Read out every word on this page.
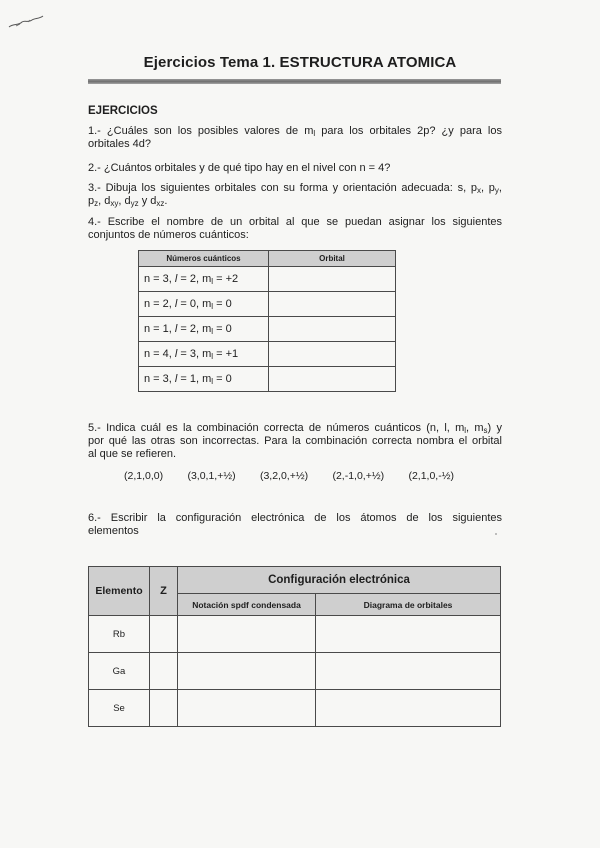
Ejercicios Tema 1. ESTRUCTURA ATOMICA
EJERCICIOS
1.- ¿Cuáles son los posibles valores de $m_l$ para los orbitales 2p? ¿y para los
orbitales 4d?
2.- ¿Cuántos orbitales y de qué tipo hay en el nivel con n = 4?
3.- Dibuja los siguientes orbitales con su forma y orientación adecuada: s, $p_x$, $p_y$,
$p_z$, $d_{xy}$, $d_{yz}$ y $d_{xz}$.
4.- Escribe el nombre de un orbital al que se puedan asignar los siguientes
conjuntos de números cuánticos:
Números cuánticos	Orbital
n = 3, l = 2, $m_l = +2$	
n = 2, l = 0, $m_l = 0$	
n = 1, l = 2, $m_l = 0$	
n = 4, l = 3, $m_l = +1$	
n = 3, l = 1, $m_l = 0$	
5.- Indica cuál es la combinación correcta de números cuánticos (n, l, $m_l$, $m_s$) y
por qué las otras son incorrectas. Para la combinación correcta nombra el orbital
al que se refieren.
(2,1,0,0) (3,0,1,+½) (3,2,0,+½) (2,-1,0,+½) (2,1,0,-½)
6.- Escribir la configuración electrónica de los átomos de los siguientes
elementos
Elemento	Z	Configuración electrónica	
		Notación spdf condensada	Diagrama de orbitales
Rb			
Ga			
Se			
